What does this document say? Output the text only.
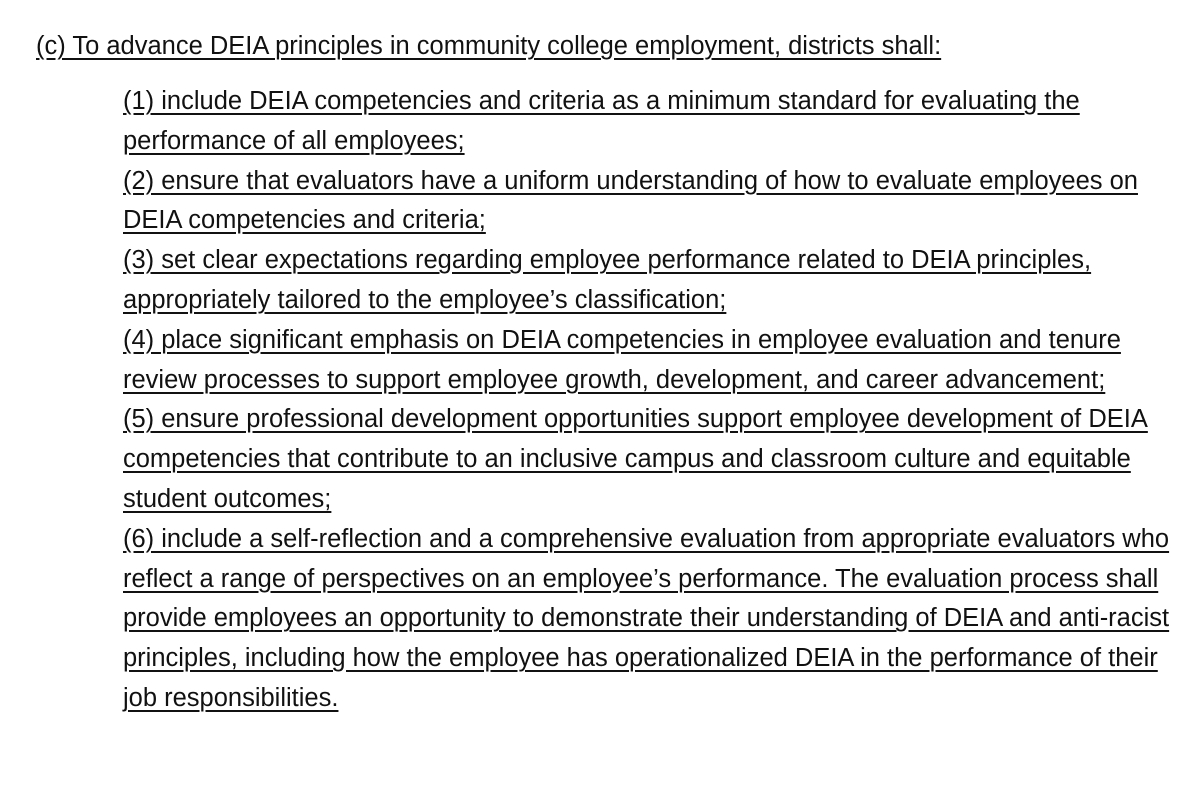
(c) To advance DEIA principles in community college employment, districts shall:

(1) include DEIA competencies and criteria as a minimum standard for evaluating the performance of all employees;
(2) ensure that evaluators have a uniform understanding of how to evaluate employees on DEIA competencies and criteria;
(3) set clear expectations regarding employee performance related to DEIA principles, appropriately tailored to the employee’s classification;
(4) place significant emphasis on DEIA competencies in employee evaluation and tenure review processes to support employee growth, development, and career advancement;
(5) ensure professional development opportunities support employee development of DEIA competencies that contribute to an inclusive campus and classroom culture and equitable student outcomes;
(6) include a self-reflection and a comprehensive evaluation from appropriate evaluators who reflect a range of perspectives on an employee’s performance. The evaluation process shall provide employees an opportunity to demonstrate their understanding of DEIA and anti-racist principles, including how the employee has operationalized DEIA in the performance of their job responsibilities.
